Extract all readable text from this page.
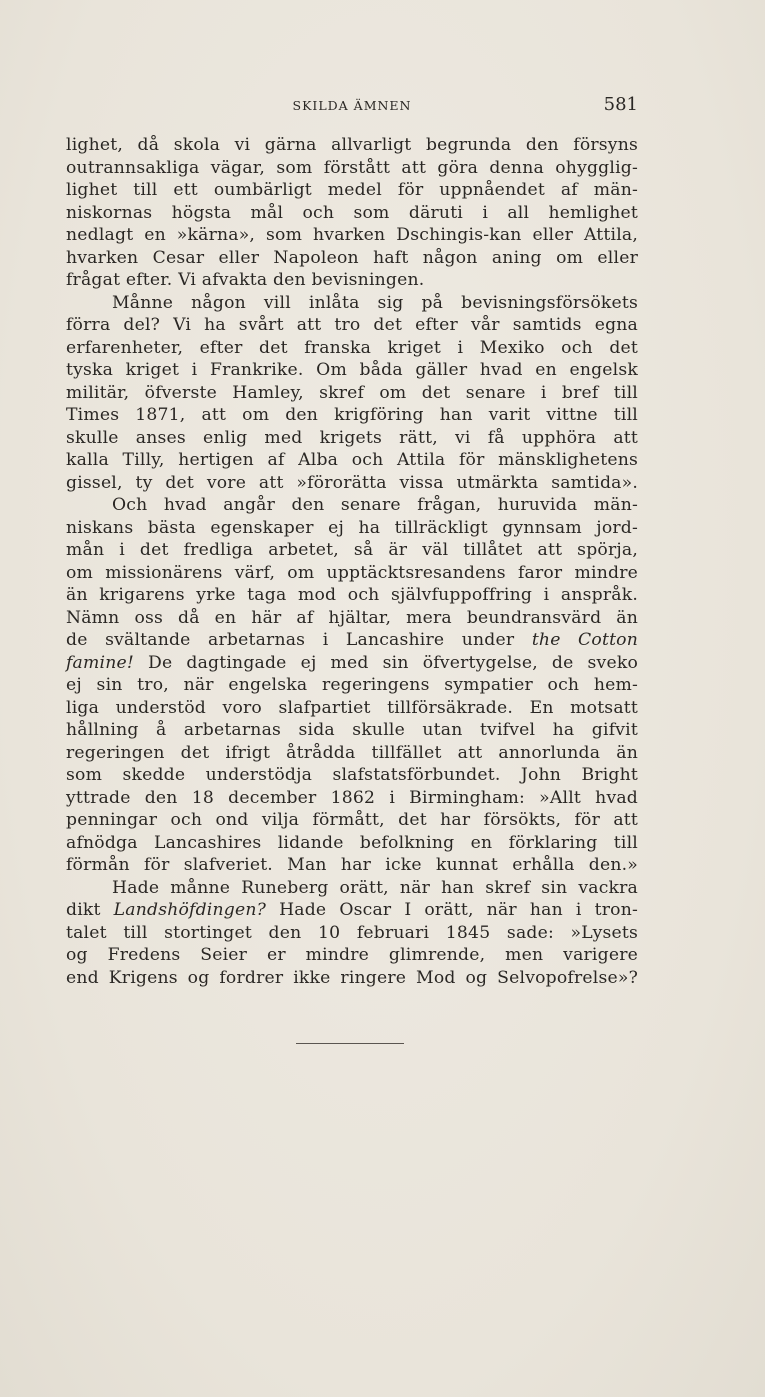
SKILDA ÄMNEN	581
lighet, då skola vi gärna allvarligt begrunda den försyns
outrannsakliga vägar, som förstått att göra denna ohygglig-
lighet till ett oumbärligt medel för uppnåendet af män-
niskornas högsta mål och som däruti i all hemlighet
nedlagt en »kärna», som hvarken Dschingis-kan eller Attila,
hvarken Cesar eller Napoleon haft någon aning om eller
frågat efter. Vi afvakta den bevisningen.
Månne någon vill inlåta sig på bevisningsförsökets
förra del? Vi ha svårt att tro det efter vår samtids egna
erfarenheter, efter det franska kriget i Mexiko och det
tyska kriget i Frankrike. Om båda gäller hvad en engelsk
militär, öfverste Hamley, skref om det senare i bref till
Times 1871, att om den krigföring han varit vittne till
skulle anses enlig med krigets rätt, vi få upphöra att
kalla Tilly, hertigen af Alba och Attila för mänsklighetens
gissel, ty det vore att »förorätta vissa utmärkta samtida».
Och hvad angår den senare frågan, huruvida män-
niskans bästa egenskaper ej ha tillräckligt gynnsam jord-
mån i det fredliga arbetet, så är väl tillåtet att spörja,
om missionärens värf, om upptäcktsresandens faror mindre
än krigarens yrke taga mod och självfuppoffring i anspråk.
Nämn oss då en här af hjältar, mera beundransvärd än
de svältande arbetarnas i Lancashire under the Cotton
famine! De dagtingade ej med sin öfvertygelse, de sveko
ej sin tro, när engelska regeringens sympatier och hem-
liga understöd voro slafpartiet tillförsäkrade. En motsatt
hållning å arbetarnas sida skulle utan tvifvel ha gifvit
regeringen det ifrigt åtrådda tillfället att annorlunda än
som skedde understödja slafstatsförbundet. John Bright
yttrade den 18 december 1862 i Birmingham: »Allt hvad
penningar och ond vilja förmått, det har försökts, för att
afnödga Lancashires lidande befolkning en förklaring till
förmån för slafveriet. Man har icke kunnat erhålla den.»
Hade månne Runeberg orätt, när han skref sin vackra
dikt Landshöfdingen? Hade Oscar I orätt, när han i tron-
talet till stortinget den 10 februari 1845 sade: »Lysets
og Fredens Seier er mindre glimrende, men varigere
end Krigens og fordrer ikke ringere Mod og Selvopofrelse»?
